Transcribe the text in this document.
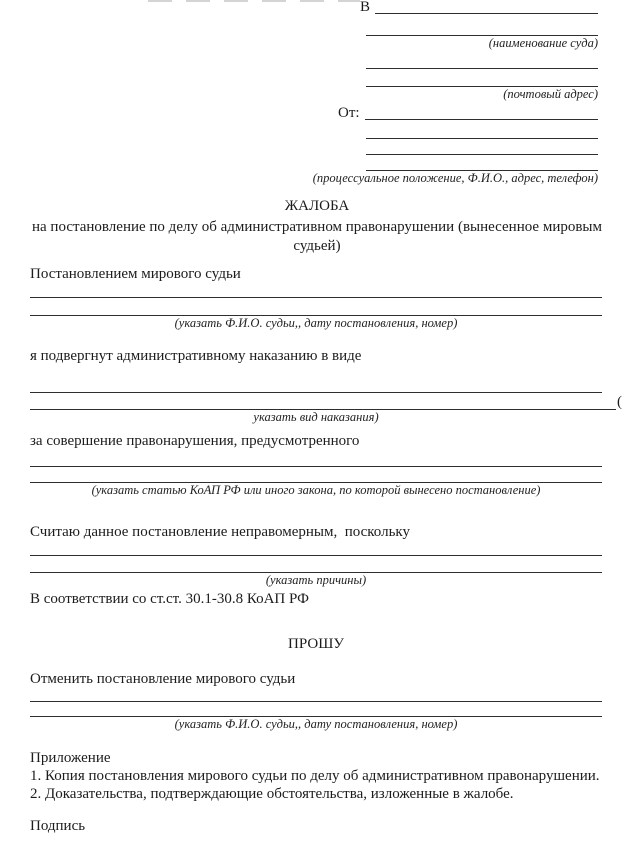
В
(наименование суда)
(почтовый адрес)
От:
(процессуальное положение, Ф.И.О., адрес, телефон)
ЖАЛОБА
на постановление по делу об административном правонарушении (вынесенное мировым судьей)
Постановлением мирового судьи
(указать Ф.И.О. судьи,, дату постановления, номер)
я подвергнут административному наказанию в виде
(
указать вид наказания)
за совершение правонарушения, предусмотренного
(указать статью КоАП РФ или иного закона, по которой вынесено постановление)
Считаю данное постановление неправомерным,  поскольку
(указать причины)
В соответствии со ст.ст. 30.1-30.8 КоАП РФ
ПРОШУ
Отменить постановление мирового судьи
(указать Ф.И.О. судьи,, дату постановления, номер)
Приложение
1. Копия постановления мирового судьи по делу об административном правонарушении.
2. Доказательства, подтверждающие обстоятельства, изложенные в жалобе.
Подпись
